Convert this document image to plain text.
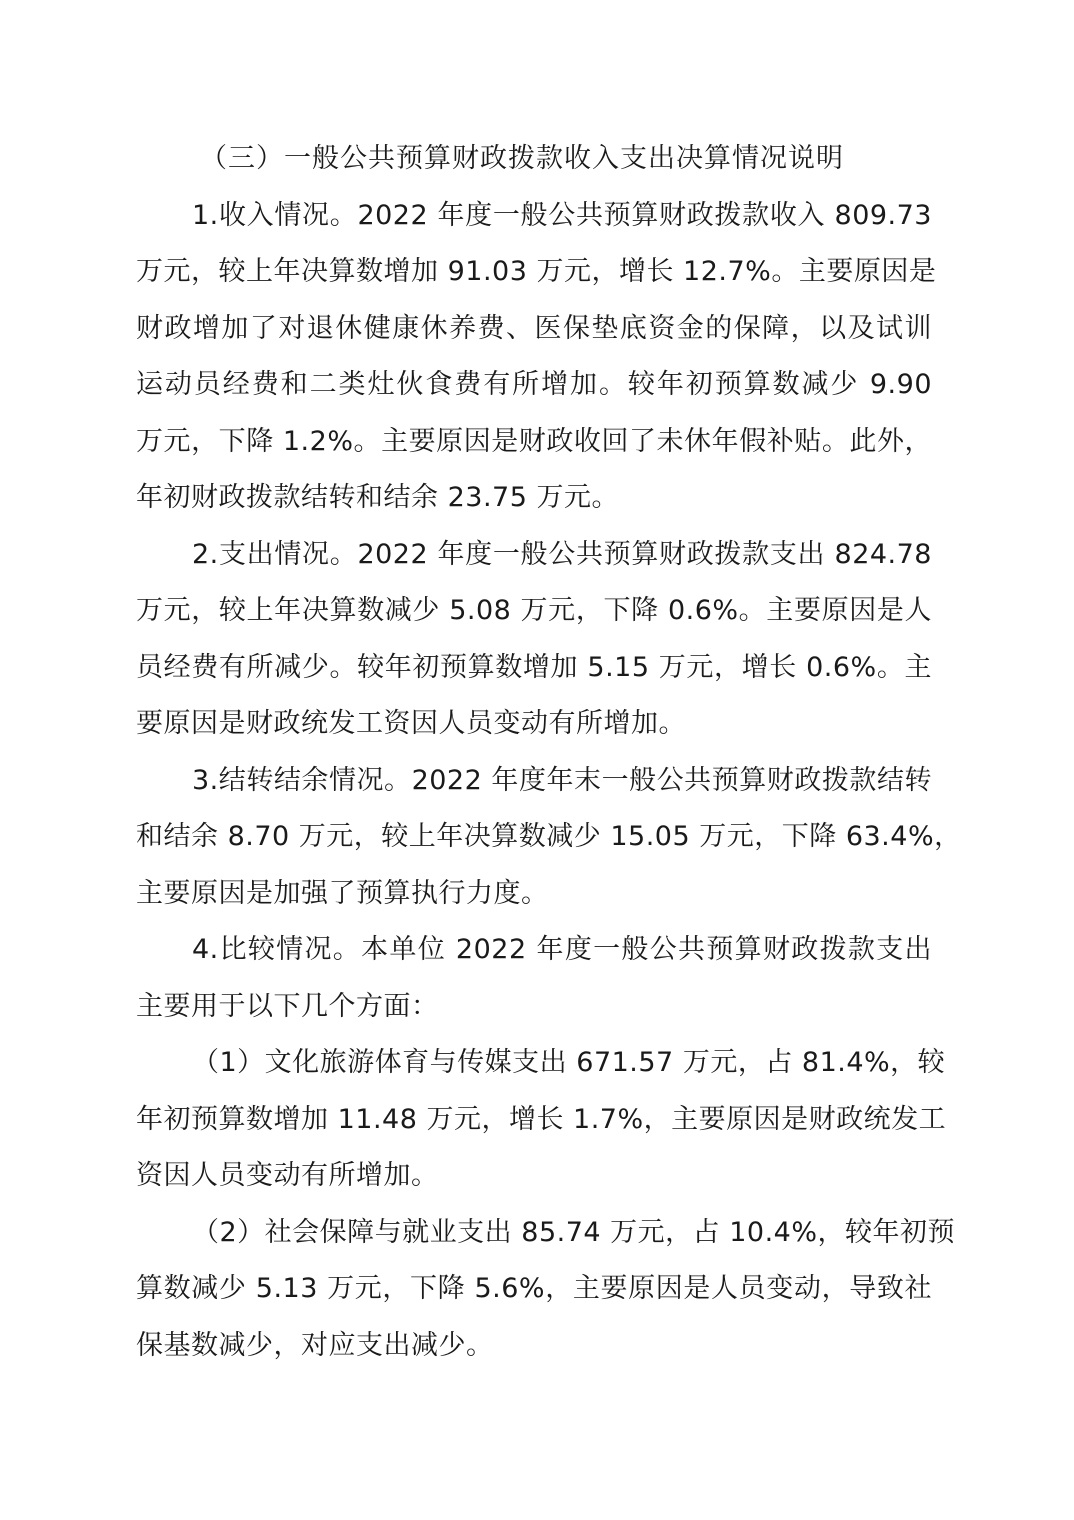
（三）一般公共预算财政拨款收入支出决算情况说明
1.收入情况。2022 年度一般公共预算财政拨款收入 809.73
万元，较上年决算数增加 91.03 万元，增长 12.7%。主要原因是
财政增加了对退休健康休养费、医保垫底资金的保障，以及试训
运动员经费和二类灶伙食费有所增加。较年初预算数减少 9.90
万元，下降 1.2%。主要原因是财政收回了未休年假补贴。此外，
年初财政拨款结转和结余 23.75 万元。
2.支出情况。2022 年度一般公共预算财政拨款支出 824.78
万元，较上年决算数减少 5.08 万元，下降 0.6%。主要原因是人
员经费有所减少。较年初预算数增加 5.15 万元，增长 0.6%。主
要原因是财政统发工资因人员变动有所增加。
3.结转结余情况。2022 年度年末一般公共预算财政拨款结转
和结余 8.70 万元，较上年决算数减少 15.05 万元，下降 63.4%，
主要原因是加强了预算执行力度。
4.比较情况。本单位 2022 年度一般公共预算财政拨款支出
主要用于以下几个方面：
（1）文化旅游体育与传媒支出 671.57 万元，占 81.4%，较
年初预算数增加 11.48 万元，增长 1.7%，主要原因是财政统发工
资因人员变动有所增加。
（2）社会保障与就业支出 85.74 万元，占 10.4%，较年初预
算数减少 5.13 万元，下降 5.6%，主要原因是人员变动，导致社
保基数减少，对应支出减少。
